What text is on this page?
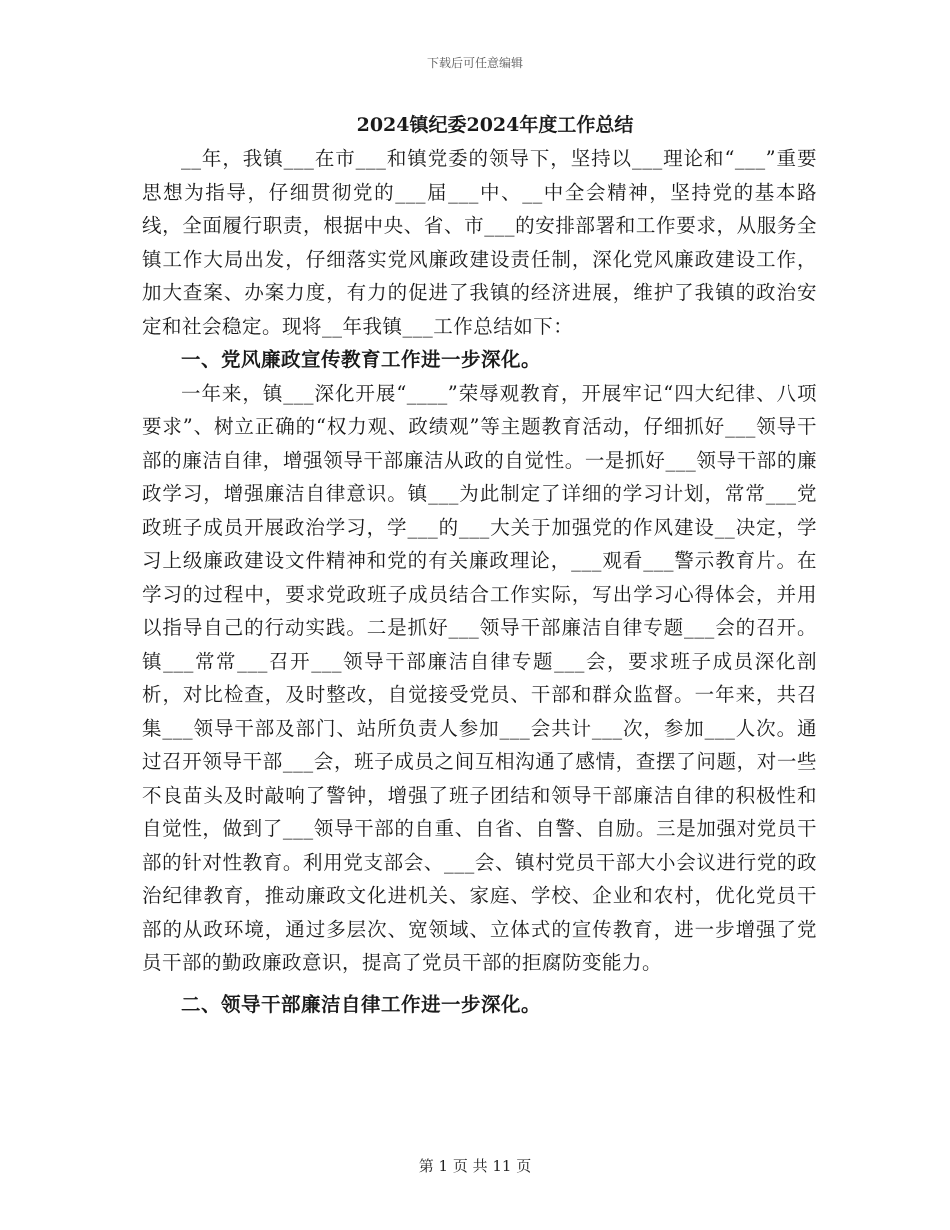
下载后可任意编辑
2024镇纪委2024年度工作总结

__年，我镇___在市___和镇党委的领导下，坚持以___理论和“___”重要思想为指导，仔细贯彻党的___届___中、__中全会精神，坚持党的基本路线，全面履行职责，根据中央、省、市___的安排部署和工作要求，从服务全镇工作大局出发，仔细落实党风廉政建设责任制，深化党风廉政建设工作，加大查案、办案力度，有力的促进了我镇的经济进展，维护了我镇的政治安定和社会稳定。现将__年我镇___工作总结如下：

一、党风廉政宣传教育工作进一步深化。

一年来，镇___深化开展“____”荣辱观教育，开展牢记“四大纪律、八项要求”、树立正确的“权力观、政绩观”等主题教育活动，仔细抓好___领导干部的廉洁自律，增强领导干部廉洁从政的自觉性。一是抓好___领导干部的廉政学习，增强廉洁自律意识。镇___为此制定了详细的学习计划，常常___党政班子成员开展政治学习，学___的___大关于加强党的作风建设__决定，学习上级廉政建设文件精神和党的有关廉政理论，___观看___警示教育片。在学习的过程中，要求党政班子成员结合工作实际，写出学习心得体会，并用以指导自己的行动实践。二是抓好___领导干部廉洁自律专题___会的召开。镇___常常___召开___领导干部廉洁自律专题___会，要求班子成员深化剖析，对比检查，及时整改，自觉接受党员、干部和群众监督。一年来，共召集___领导干部及部门、站所负责人参加___会共计___次，参加___人次。通过召开领导干部___会，班子成员之间互相沟通了感情，查摆了问题，对一些不良苗头及时敲响了警钟，增强了班子团结和领导干部廉洁自律的积极性和自觉性，做到了___领导干部的自重、自省、自警、自励。三是加强对党员干部的针对性教育。利用党支部会、___会、镇村党员干部大小会议进行党的政治纪律教育，推动廉政文化进机关、家庭、学校、企业和农村，优化党员干部的从政环境，通过多层次、宽领域、立体式的宣传教育，进一步增强了党员干部的勤政廉政意识，提高了党员干部的拒腐防变能力。

二、领导干部廉洁自律工作进一步深化。

第 1 页 共 11 页
